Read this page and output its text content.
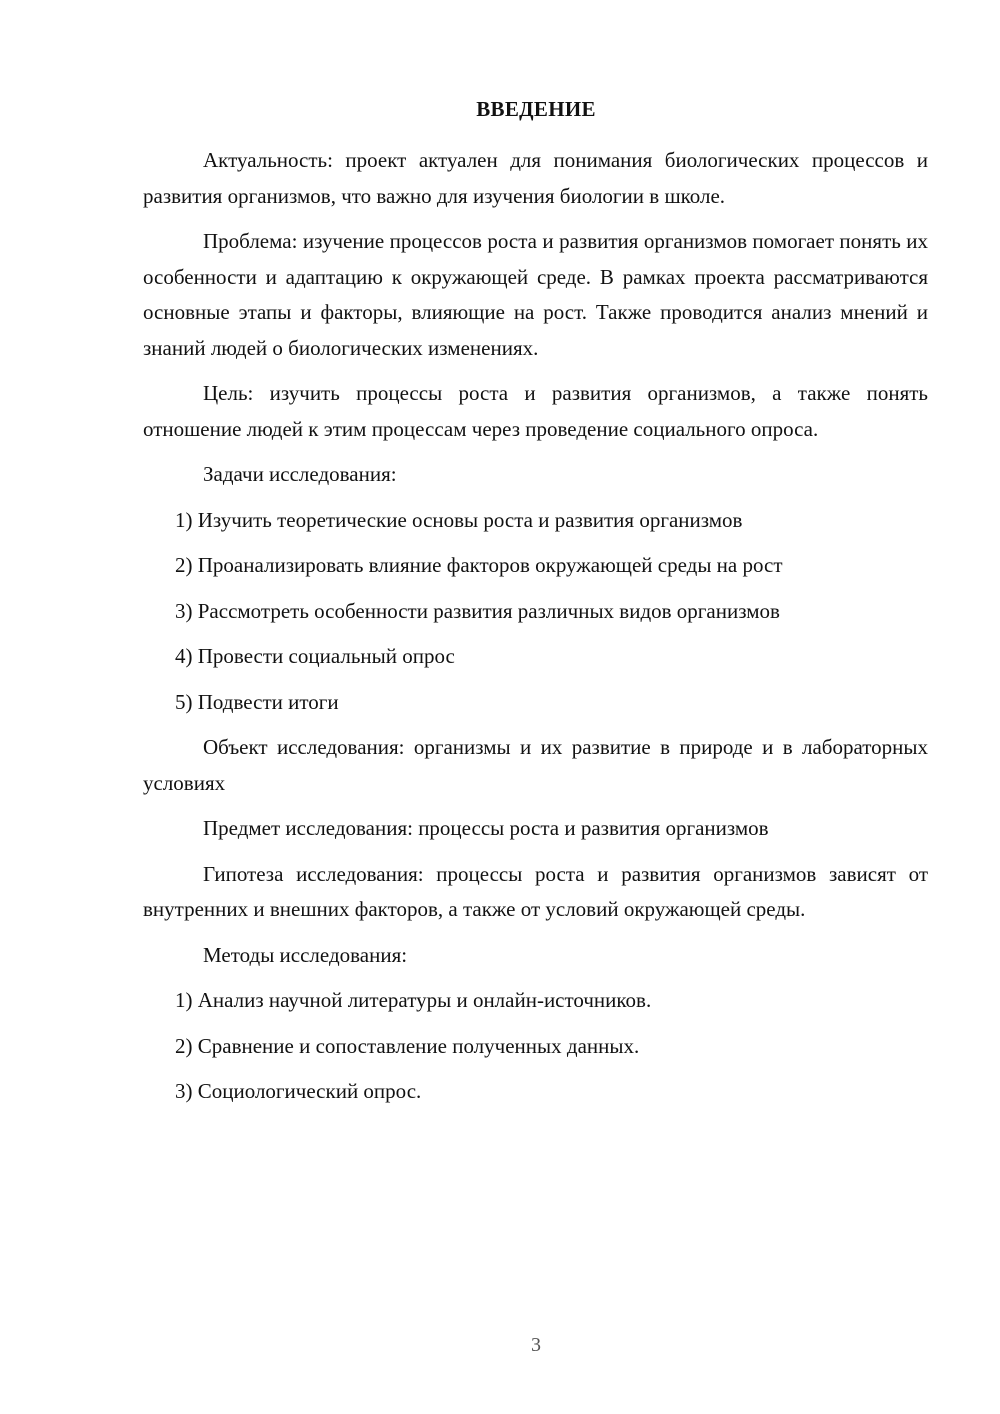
ВВЕДЕНИЕ

Актуальность: проект актуален для понимания биологических процессов и развития организмов, что важно для изучения биологии в школе.

Проблема: изучение процессов роста и развития организмов помогает понять их особенности и адаптацию к окружающей среде. В рамках проекта рассматриваются основные этапы и факторы, влияющие на рост. Также проводится анализ мнений и знаний людей о биологических изменениях.

Цель: изучить процессы роста и развития организмов, а также понять отношение людей к этим процессам через проведение социального опроса.

Задачи исследования:

1) Изучить теоретические основы роста и развития организмов

2) Проанализировать влияние факторов окружающей среды на рост

3) Рассмотреть особенности развития различных видов организмов

4) Провести социальный опрос

5) Подвести итоги

Объект исследования: организмы и их развитие в природе и в лабораторных условиях

Предмет исследования: процессы роста и развития организмов

Гипотеза исследования: процессы роста и развития организмов зависят от внутренних и внешних факторов, а также от условий окружающей среды.

Методы исследования:

1) Анализ научной литературы и онлайн-источников.

2) Сравнение и сопоставление полученных данных.

3) Социологический опрос.

3
